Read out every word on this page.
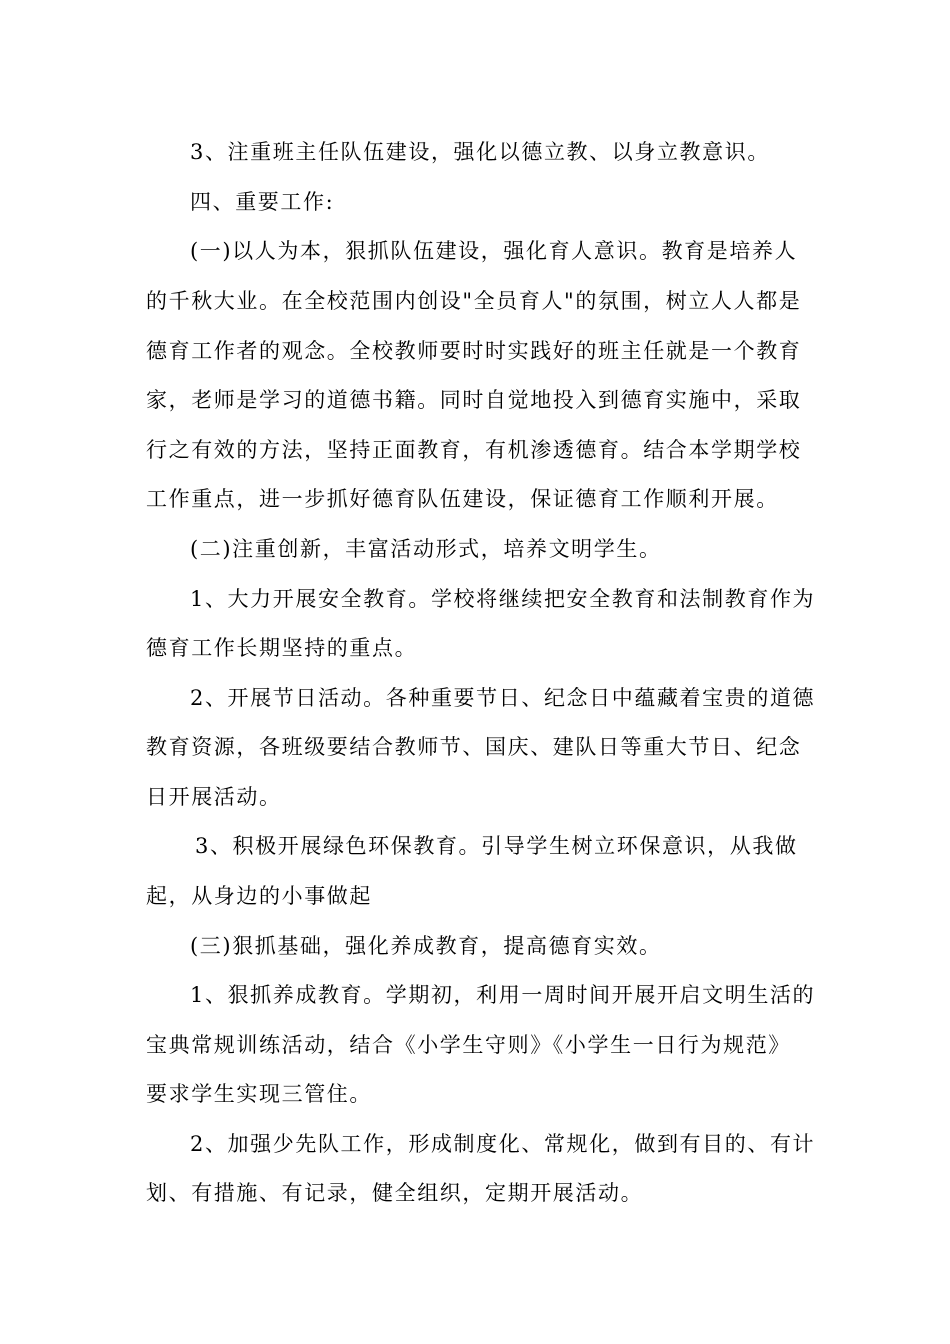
3、注重班主任队伍建设，强化以德立教、以身立教意识。
四、重要工作:
(一)以人为本，狠抓队伍建设，强化育人意识。教育是培养人
的千秋大业。在全校范围内创设"全员育人"的氛围，树立人人都是
德育工作者的观念。全校教师要时时实践好的班主任就是一个教育
家，老师是学习的道德书籍。同时自觉地投入到德育实施中，采取
行之有效的方法，坚持正面教育，有机渗透德育。结合本学期学校
工作重点，进一步抓好德育队伍建设，保证德育工作顺利开展。
(二)注重创新，丰富活动形式，培养文明学生。
1、大力开展安全教育。学校将继续把安全教育和法制教育作为
德育工作长期坚持的重点。
2、开展节日活动。各种重要节日、纪念日中蕴藏着宝贵的道德
教育资源，各班级要结合教师节、国庆、建队日等重大节日、纪念
日开展活动。
3、积极开展绿色环保教育。引导学生树立环保意识，从我做
起，从身边的小事做起
(三)狠抓基础，强化养成教育，提高德育实效。
1、狠抓养成教育。学期初，利用一周时间开展开启文明生活的
宝典常规训练活动，结合《小学生守则》《小学生一日行为规范》
要求学生实现三管住。
2、加强少先队工作，形成制度化、常规化，做到有目的、有计
划、有措施、有记录，健全组织，定期开展活动。
